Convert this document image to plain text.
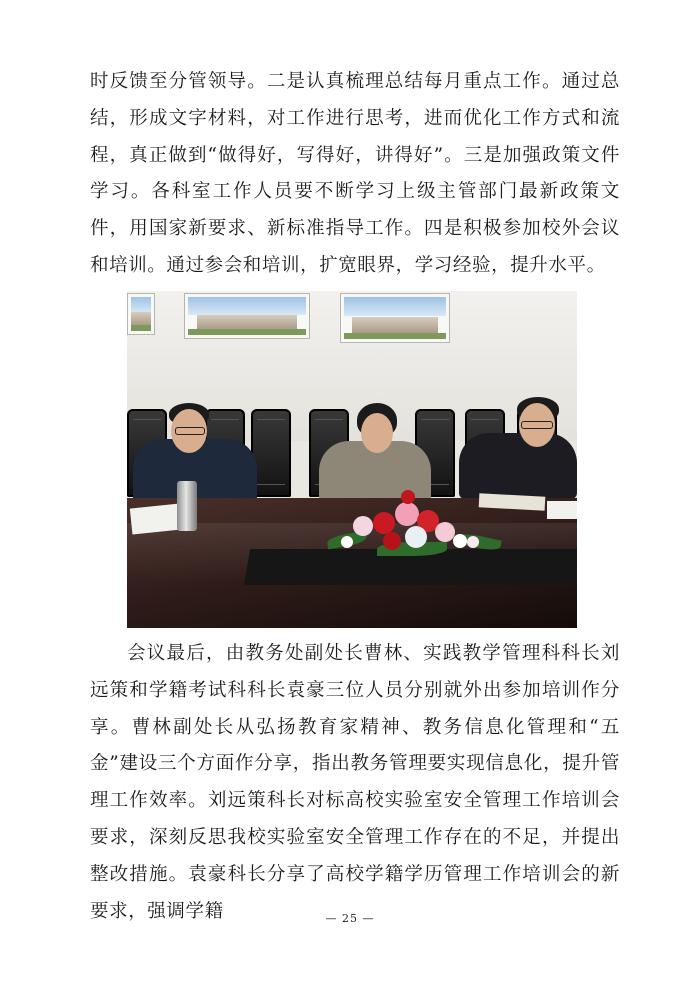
时反馈至分管领导。二是认真梳理总结每月重点工作。通过总结，形成文字材料，对工作进行思考，进而优化工作方式和流程，真正做到“做得好，写得好，讲得好”。三是加强政策文件学习。各科室工作人员要不断学习上级主管部门最新政策文件，用国家新要求、新标准指导工作。四是积极参加校外会议和培训。通过参会和培训，扩宽眼界，学习经验，提升水平。

会议最后，由教务处副处长曹林、实践教学管理科科长刘远策和学籍考试科科长袁豪三位人员分别就外出参加培训作分享。曹林副处长从弘扬教育家精神、教务信息化管理和“五金”建设三个方面作分享，指出教务管理要实现信息化，提升管理工作效率。刘远策科长对标高校实验室安全管理工作培训会要求，深刻反思我校实验室安全管理工作存在的不足，并提出整改措施。袁豪科长分享了高校学籍学历管理工作培训会的新要求，强调学籍	— 25 —
